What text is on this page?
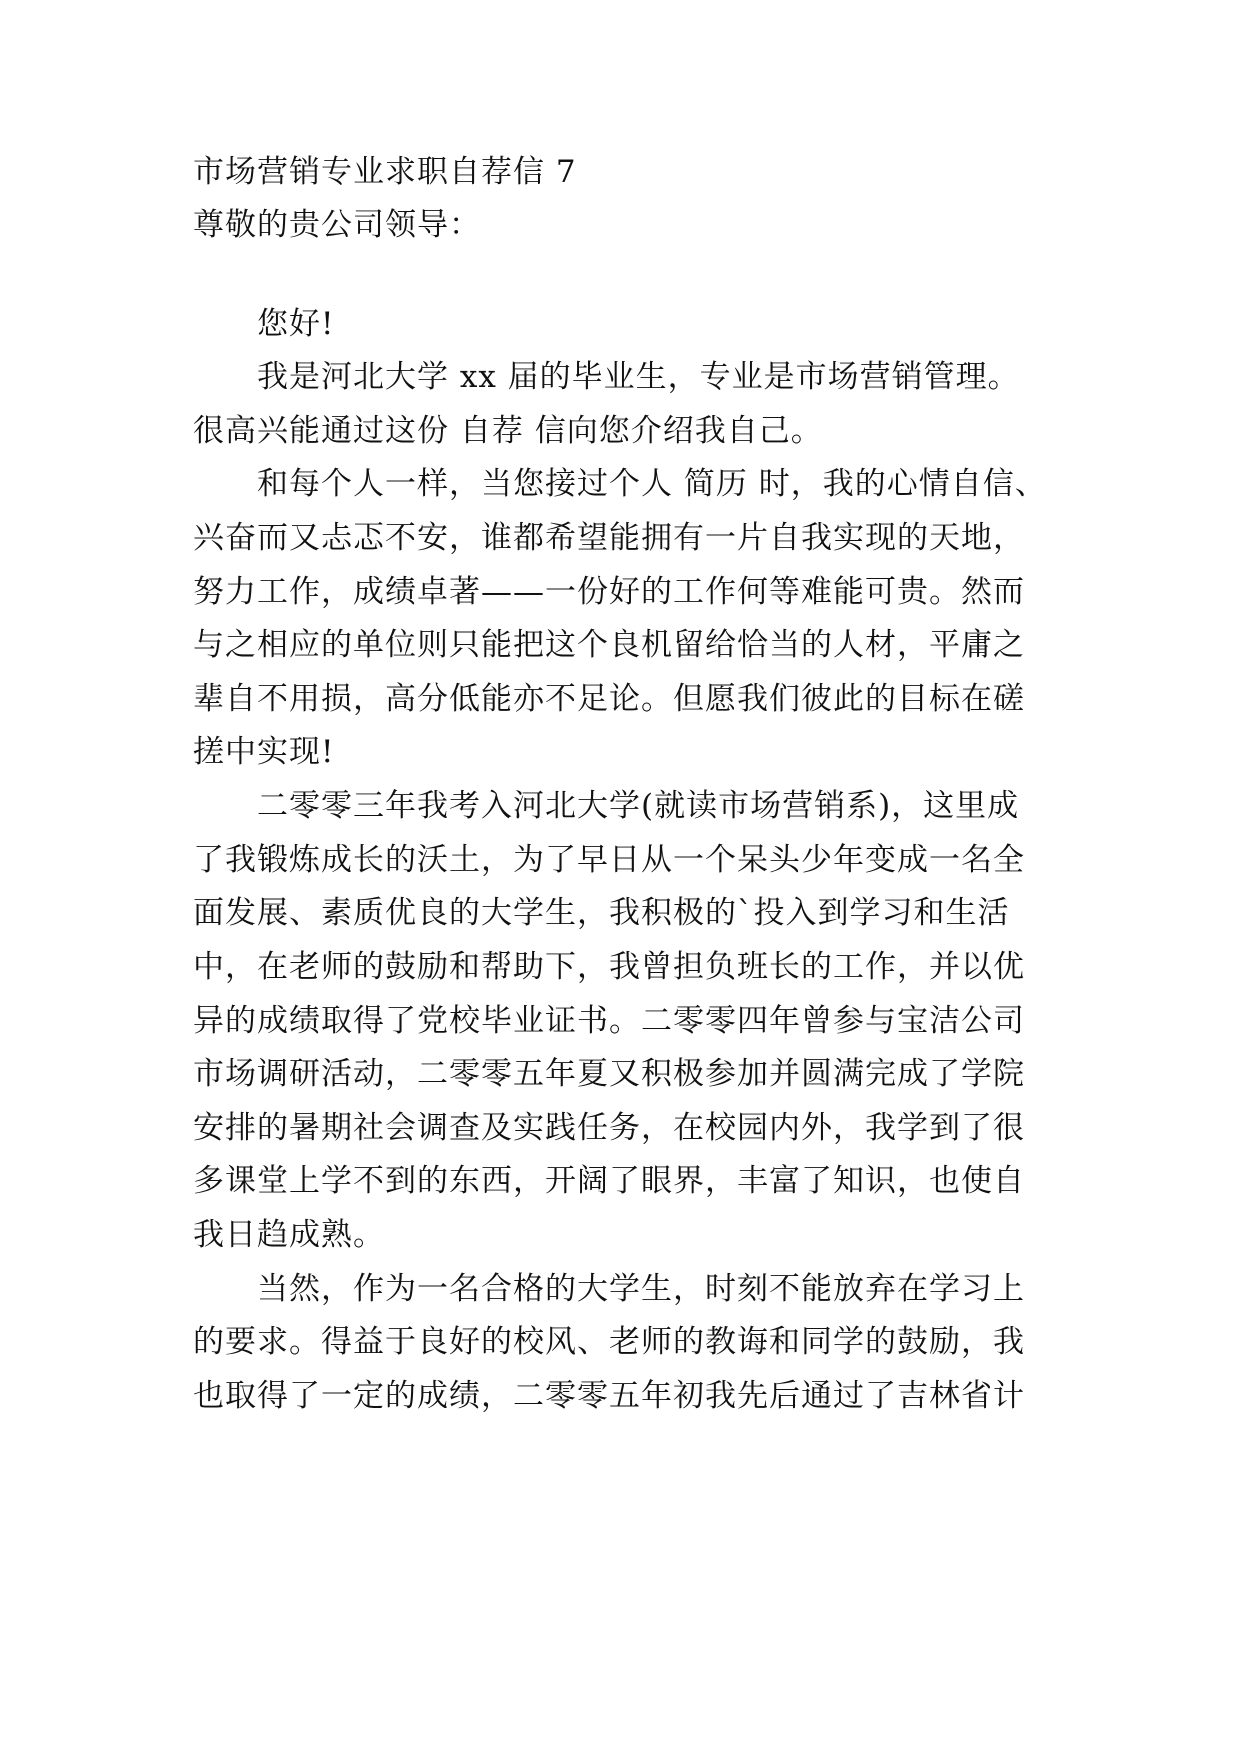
市场营销专业求职自荐信 7
尊敬的贵公司领导：
您好!
我是河北大学 xx 届的毕业生，专业是市场营销管理。
很高兴能通过这份 自荐 信向您介绍我自己。
和每个人一样，当您接过个人 简历 时，我的心情自信、
兴奋而又忐忑不安，谁都希望能拥有一片自我实现的天地，
努力工作，成绩卓著——一份好的工作何等难能可贵。然而
与之相应的单位则只能把这个良机留给恰当的人材，平庸之
辈自不用损，高分低能亦不足论。但愿我们彼此的目标在磋
搓中实现!
二零零三年我考入河北大学(就读市场营销系)，这里成
了我锻炼成长的沃土，为了早日从一个呆头少年变成一名全
面发展、素质优良的大学生，我积极的`投入到学习和生活
中，在老师的鼓励和帮助下，我曾担负班长的工作，并以优
异的成绩取得了党校毕业证书。二零零四年曾参与宝洁公司
市场调研活动，二零零五年夏又积极参加并圆满完成了学院
安排的暑期社会调查及实践任务，在校园内外，我学到了很
多课堂上学不到的东西，开阔了眼界，丰富了知识，也使自
我日趋成熟。
当然，作为一名合格的大学生，时刻不能放弃在学习上
的要求。得益于良好的校风、老师的教诲和同学的鼓励，我
也取得了一定的成绩，二零零五年初我先后通过了吉林省计
